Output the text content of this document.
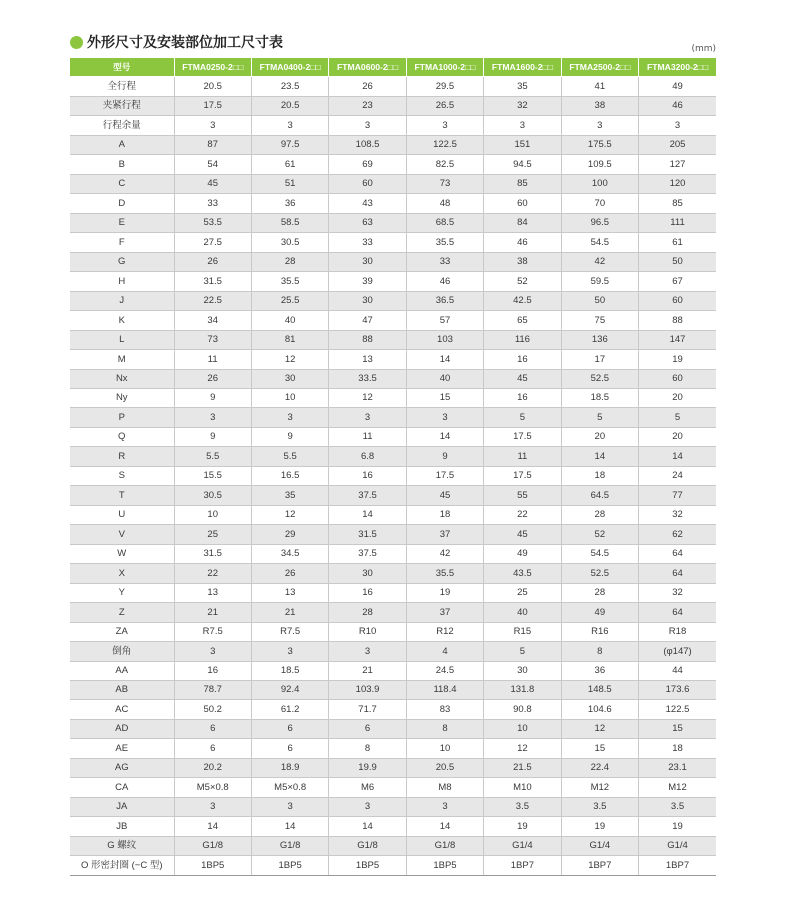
外形尺寸及安装部位加工尺寸表	(mm)
型号	FTMA0250-2□□	FTMA0400-2□□	FTMA0600-2□□	FTMA1000-2□□	FTMA1600-2□□	FTMA2500-2□□	FTMA3200-2□□
全行程	20.5	23.5	26	29.5	35	41	49
夹紧行程	17.5	20.5	23	26.5	32	38	46
行程余量	3	3	3	3	3	3	3
A	87	97.5	108.5	122.5	151	175.5	205
B	54	61	69	82.5	94.5	109.5	127
C	45	51	60	73	85	100	120
D	33	36	43	48	60	70	85
E	53.5	58.5	63	68.5	84	96.5	111
F	27.5	30.5	33	35.5	46	54.5	61
G	26	28	30	33	38	42	50
H	31.5	35.5	39	46	52	59.5	67
J	22.5	25.5	30	36.5	42.5	50	60
K	34	40	47	57	65	75	88
L	73	81	88	103	116	136	147
M	11	12	13	14	16	17	19
Nx	26	30	33.5	40	45	52.5	60
Ny	9	10	12	15	16	18.5	20
P	3	3	3	3	5	5	5
Q	9	9	11	14	17.5	20	20
R	5.5	5.5	6.8	9	11	14	14
S	15.5	16.5	16	17.5	17.5	18	24
T	30.5	35	37.5	45	55	64.5	77
U	10	12	14	18	22	28	32
V	25	29	31.5	37	45	52	62
W	31.5	34.5	37.5	42	49	54.5	64
X	22	26	30	35.5	43.5	52.5	64
Y	13	13	16	19	25	28	32
Z	21	21	28	37	40	49	64
ZA	R7.5	R7.5	R10	R12	R15	R16	R18
倒角	3	3	3	4	5	8	(φ147)
AA	16	18.5	21	24.5	30	36	44
AB	78.7	92.4	103.9	118.4	131.8	148.5	173.6
AC	50.2	61.2	71.7	83	90.8	104.6	122.5
AD	6	6	6	8	10	12	15
AE	6	6	8	10	12	15	18
AG	20.2	18.9	19.9	20.5	21.5	22.4	23.1
CA	M5×0.8	M5×0.8	M6	M8	M10	M12	M12
JA	3	3	3	3	3.5	3.5	3.5
JB	14	14	14	14	19	19	19
G 螺纹	G1/8	G1/8	G1/8	G1/8	G1/4	G1/4	G1/4
O 形密封圈 (−C 型)	1BP5	1BP5	1BP5	1BP5	1BP7	1BP7	1BP7
